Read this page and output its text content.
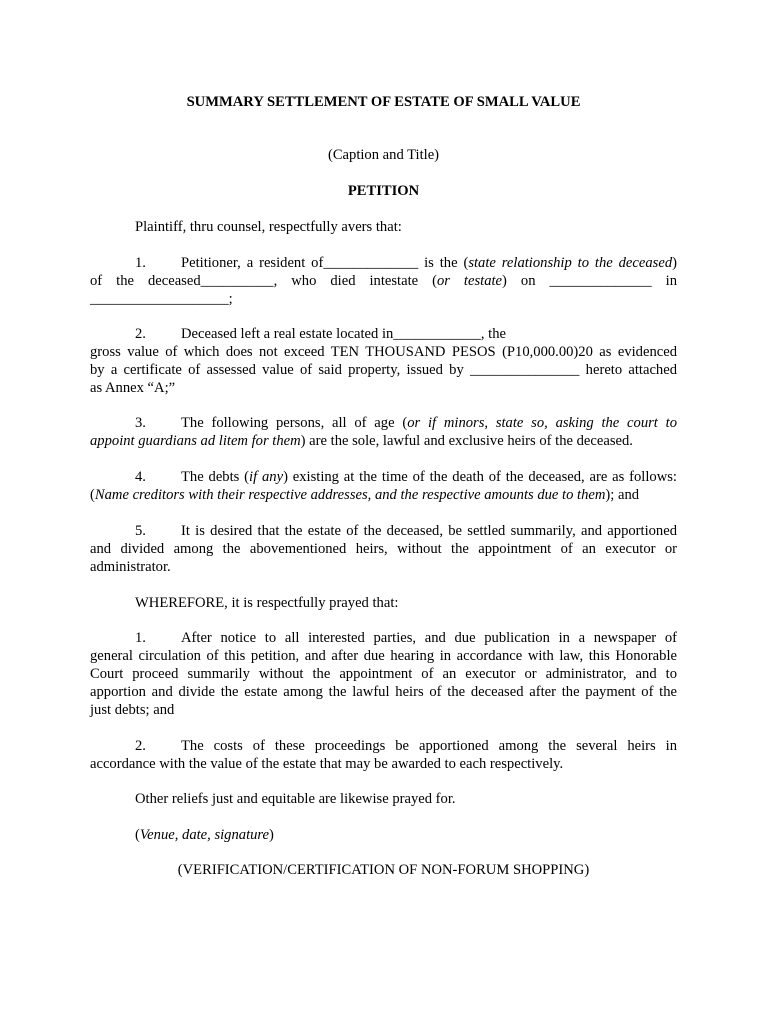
SUMMARY SETTLEMENT OF ESTATE OF SMALL VALUE
(Caption and Title)
PETITION
Plaintiff, thru counsel, respectfully avers that:
1. Petitioner, a resident of_____________ is the (state relationship to the deceased)
of the deceased__________, who died intestate (or testate) on ______________ in
___________________;
2. Deceased left a real estate located in____________, the
gross value of which does not exceed TEN THOUSAND PESOS (P10,000.00)20 as evidenced
by a certificate of assessed value of said property, issued by _______________ hereto attached
as Annex “A;”
3. The following persons, all of age (or if minors, state so, asking the court to
appoint guardians ad litem for them) are the sole, lawful and exclusive heirs of the deceased.
4. The debts (if any) existing at the time of the death of the deceased, are as follows:
(Name creditors with their respective addresses, and the respective amounts due to them); and
5. It is desired that the estate of the deceased, be settled summarily, and apportioned
and divided among the abovementioned heirs, without the appointment of an executor or
administrator.
WHEREFORE, it is respectfully prayed that:
1. After notice to all interested parties, and due publication in a newspaper of
general circulation of this petition, and after due hearing in accordance with law, this Honorable
Court proceed summarily without the appointment of an executor or administrator, and to
apportion and divide the estate among the lawful heirs of the deceased after the payment of the
just debts; and
2. The costs of these proceedings be apportioned among the several heirs in
accordance with the value of the estate that may be awarded to each respectively.
Other reliefs just and equitable are likewise prayed for.
(Venue, date, signature)
(VERIFICATION/CERTIFICATION OF NON-FORUM SHOPPING)
